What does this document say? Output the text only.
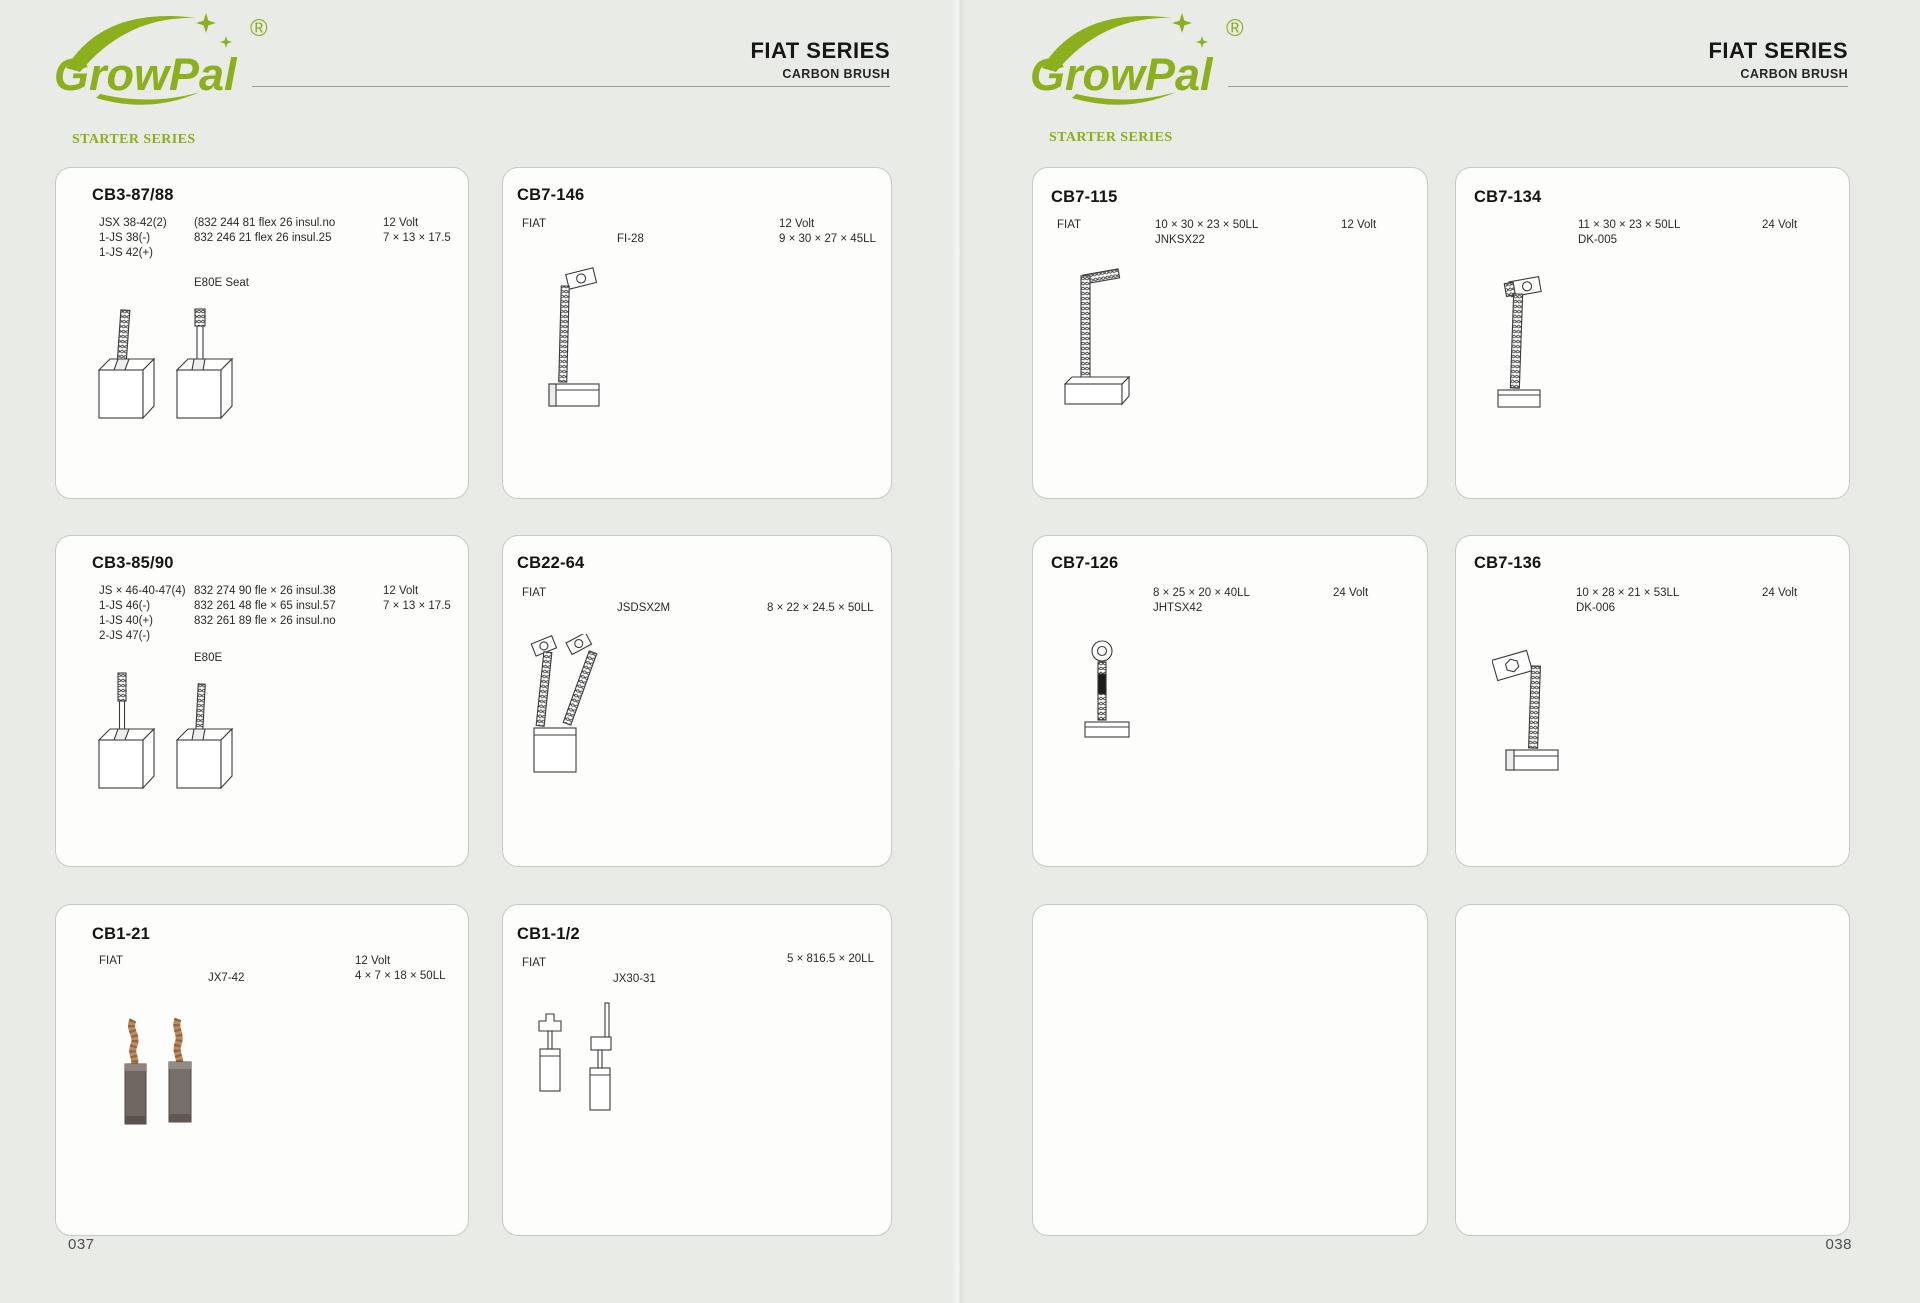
GrowPal
®
FIAT SERIES
CARBON BRUSH
STARTER SERIES
CB3-87/88
JSX 38-42(2)
1-JS 38(-)
1-JS 42(+)
(832 244 81 flex 26 insul.no
832 246 21 flex 26 insul.25
E80E Seat
12 Volt
7 × 13 × 17.5
CB7-146
FIAT
FI-28
12 Volt
9 × 30 × 27 × 45LL
CB3-85/90
JS × 46-40-47(4)
1-JS 46(-)
1-JS 40(+)
2-JS 47(-)
832 274 90 fle × 26 insul.38
832 261 48 fle × 65 insul.57
832 261 89 fle × 26 insul.no
E80E
12 Volt
7 × 13 × 17.5
CB22-64
FIAT
JSDSX2M	8 × 22 × 24.5 × 50LL
CB1-21
FIAT
JX7-42
12 Volt
4 × 7 × 18 × 50LL
CB1-1/2
FIAT
JX30-31
5 × 816.5 × 20LL
037
GrowPal
®
FIAT SERIES
CARBON BRUSH
STARTER SERIES
CB7-115
FIAT	10 × 30 × 23 × 50LL
JNKSX22
12 Volt
CB7-134
11 × 30 × 23 × 50LL
DK-005
24 Volt
CB7-126
8 × 25 × 20 × 40LL
JHTSX42
24 Volt
CB7-136
10 × 28 × 21 × 53LL
DK-006
24 Volt
038
